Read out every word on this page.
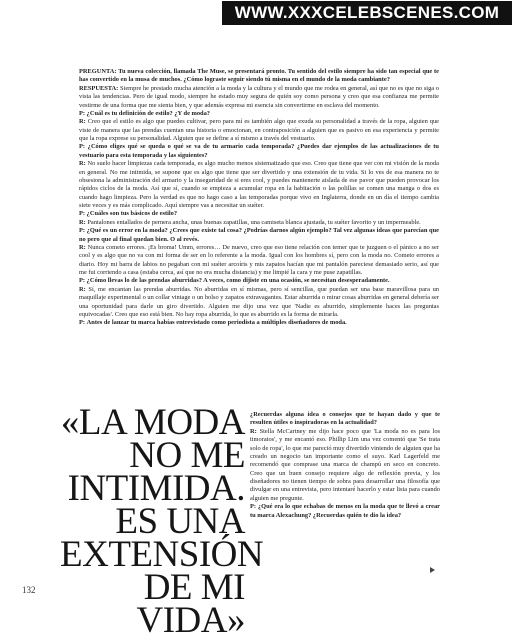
WWW.XXXCELEBSCENES.COM

PREGUNTA: Tu nueva colección, llamada The Muse, se presentará pronto. Tu sentido del estilo siempre ha sido tan especial que te has convertido en la musa de muchos. ¿Cómo lograste seguir siendo tú misma en el mundo de la moda cambiante?

RESPUESTA: Siempre he prestado mucha atención a la moda y la cultura y el mundo que me rodea en general, así que no es que no siga o vista las tendencias. Pero de igual modo, siempre he estado muy segura de quién soy como persona y creo que esa confianza me permite vestirme de una forma que me sienta bien, y que además expresa mi esencia sin convertirme en esclava del momento.

P: ¿Cuál es tu definición de estilo? ¿Y de moda?

R: Creo que el estilo es algo que puedes cultivar, pero para mí es también algo que exuda su personalidad a través de la ropa, alguien que viste de manera que las prendas cuentan una historia o emocionan, en contraposición a alguien que es pasivo en esa experiencia y permite que la ropa exprese su personalidad. Alguien que se define a sí mismo a través del vestuario.

P: ¿Cómo eliges qué se queda o qué se va de tu armario cada temporada? ¿Puedes dar ejemplos de las actualizaciones de tu vestuario para esta temporada y las siguientes?

R: No suelo hacer limpiezas cada temporada, es algo mucho menos sistematizado que eso. Creo que tiene que ver con mi visión de la moda en general. No me intimida, se supone que es algo que tiene que ser divertido y una extensión de tu vida. Si lo ves de esa manera no te obsesiona la administración del armario y la inseguridad de si eres cool, y puedes mantenerte aislada de ese pavor que pueden provocar los rápidos ciclos de la moda. Así que sí, cuando se empieza a acumular ropa en la habitación o las polillas se comen una manga o dos es cuando hago limpieza. Pero la verdad es que no hago caso a las temporadas porque vivo en Inglaterra, donde en un día el tiempo cambia siete veces y es más complicado. Aquí siempre vas a necesitar un suéter.

P: ¿Cuáles son tus básicos de estilo?

R: Pantalones entallados de pernera ancha, unas buenas zapatillas, una camiseta blanca ajustada, tu suéter favorito y un impermeable.

P: ¿Qué es un error en la moda? ¿Crees que existe tal cosa? ¿Podrías darnos algún ejemplo? Tal vez algunas ideas que parecían que no pero que al final quedan bien. O al revés.

R: Nunca cometo errores. ¡Es broma! Umm, errores… De nuevo, creo que eso tiene relación con temer que te juzguen o el pánico a no ser cool y es algo que no va con mi forma de ser en lo referente a la moda. Igual con los hombres sí, pero con la moda no. Cometo errores a diario. Hoy mi barra de labios no pegaban con mi suéter arcoíris y mis zapatos hacían que mi pantalón pareciese demasiado serio, así que me fui corriendo a casa (estaba cerca, así que no era mucha distancia) y me limpié la cara y me puse zapatillas.

P: ¿Cómo llevas lo de las prendas aburridas? A veces, como dijiste en una ocasión, se necesitan desesperadamente.

R: Sí, me encantan las prendas aburridas. No aburridas en sí mismas, pero sí sencillas, que puedan ser una base maravillosa para un maquillaje experimental o un collar vintage o un bolso y zapatos extravagantes. Estar aburrida o mirar cosas aburridas en general debería ser una oportunidad para darle un giro divertido. Alguien me dijo una vez que 'Nadie es aburrido, simplemente haces las preguntas equivocadas'. Creo que eso está bien. No hay ropa aburrida, lo que es aburrido es la forma de mirarla.

P: Antes de lanzar tu marca habías entrevistado como periodista a múltiples diseñadores de moda.

«LA MODA NO ME INTIMIDA. ES UNA EXTENSIÓN DE MI VIDA»

¿Recuerdas alguna idea o consejos que te hayan dado y que te resulten útiles o inspiradoras en la actualidad?

R: Stella McCartney me dijo hace poco que 'La moda no es para los timoratos', y me encantó eso. Phillip Lim una vez comentó que 'Se trata solo de ropa', lo que me pareció muy divertido viniendo de alguien que ha creado un negocio tan importante como el suyo. Karl Lagerfeld me recomendó que comprase una marca de champú en seco en concreto. Creo que un buen consejo requiere algo de reflexión previa, y los diseñadores no tienen tiempo de sobra para desarrollar una filosofía que divulgar en una entrevista, pero intentaré hacerlo y estar lista para cuando alguien me pregunte.

P: ¿Qué era lo que echabas de menos en la moda que te llevó a crear tu marca Alexachung? ¿Recuerdas quién te dio la idea?

132
